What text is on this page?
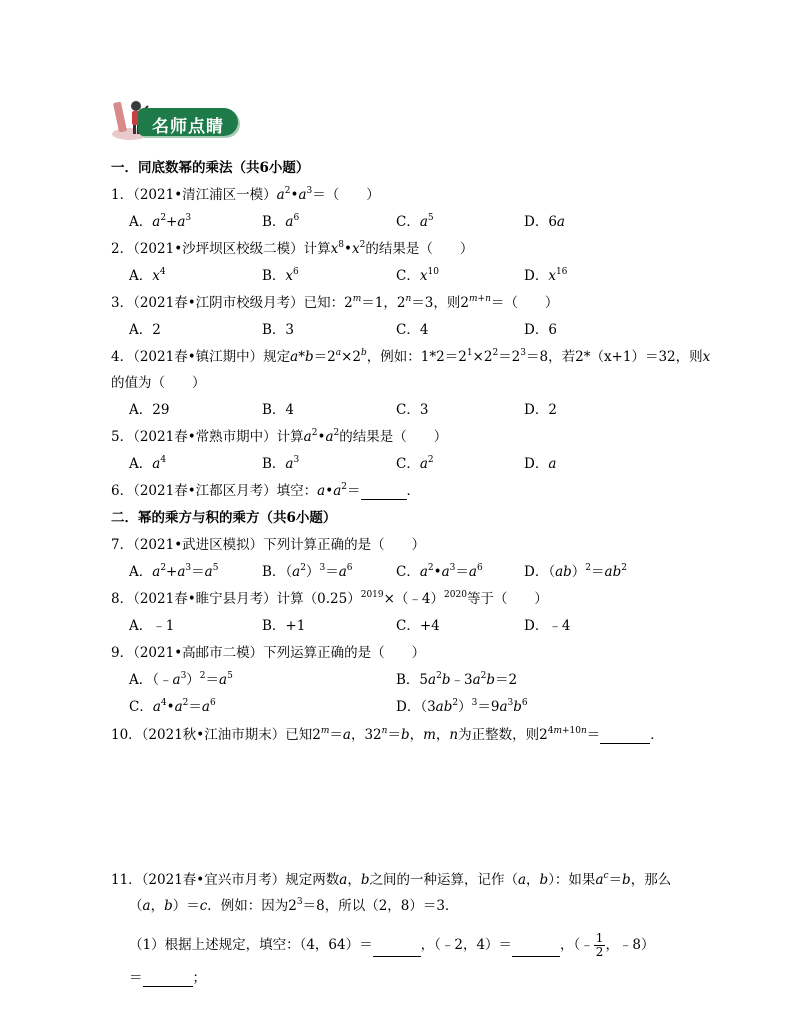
名师点睛
一．同底数幂的乘法（共6小题）
1．（2021•清江浦区一模）$a^2•a^3=$（　　）
A．$a^2+a^3$	B．$a^6$	C．$a^5$	D．6a
2．（2021•沙坪坝区校级二模）计算$x^8•x^2$的结果是（　　）
A．$x^4$	B．$x^6$	C．$x^{10}$	D．$x^{16}$
3．（2021春•江阴市校级月考）已知：$2^m=1$，$2^n=3$，则$2^{m+n}=$（　　）
A．2	B．3	C．4	D．6
4．（2021春•镇江期中）规定$a*b=2^a\times 2^b$，例如：$1*2=2^1\times 2^2=2^3=8$，若2*（x+1）＝32，则x
的值为（　　）
A．29	B．4	C．3	D．2
5．（2021春•常熟市期中）计算$a^2•a^2$的结果是（　　）
A．$a^4$	B．$a^3$	C．$a^2$	D．a
6．（2021春•江都区月考）填空：$a•a^2=$	．
二．幂的乘方与积的乘方（共6小题）
7．（2021•武进区模拟）下列计算正确的是（　　）
A．$a^2+a^3=a^5$	B．$(a^2)^3=a^6$	C．$a^2•a^3=a^6$	D．$(ab)^2=ab^2$
8．（2021春•睢宁县月考）计算$(0.25)^{2019}\times(﹣4)^{2020}$等于（　　）
A．﹣1	B．+1	C．+4	D．﹣4
9．（2021•高邮市二模）下列运算正确的是（　　）
A．$(﹣a^3)^2=a^5$	B．$5a^2b﹣3a^2b=2$
C．$a^4•a^2=a^6$	D．$(3ab^2)^3=9a^3b^6$
10．（2021秋•江油市期末）已知$2^m=a$，$32^n=b$，m，n为正整数，则$2^{4m+10n}=$	．
11．（2021春•宜兴市月考）规定两数a，b之间的一种运算，记作（a，b）：如果$a^c=b$，那么
（a，b）＝c．例如：因为$2^3=8$，所以（2，8）＝3．
（1）根据上述规定，填空：（4，64）＝	，（﹣2，4）＝	，（﹣ $\frac{1}{2}$ ，﹣8）
＝	；
